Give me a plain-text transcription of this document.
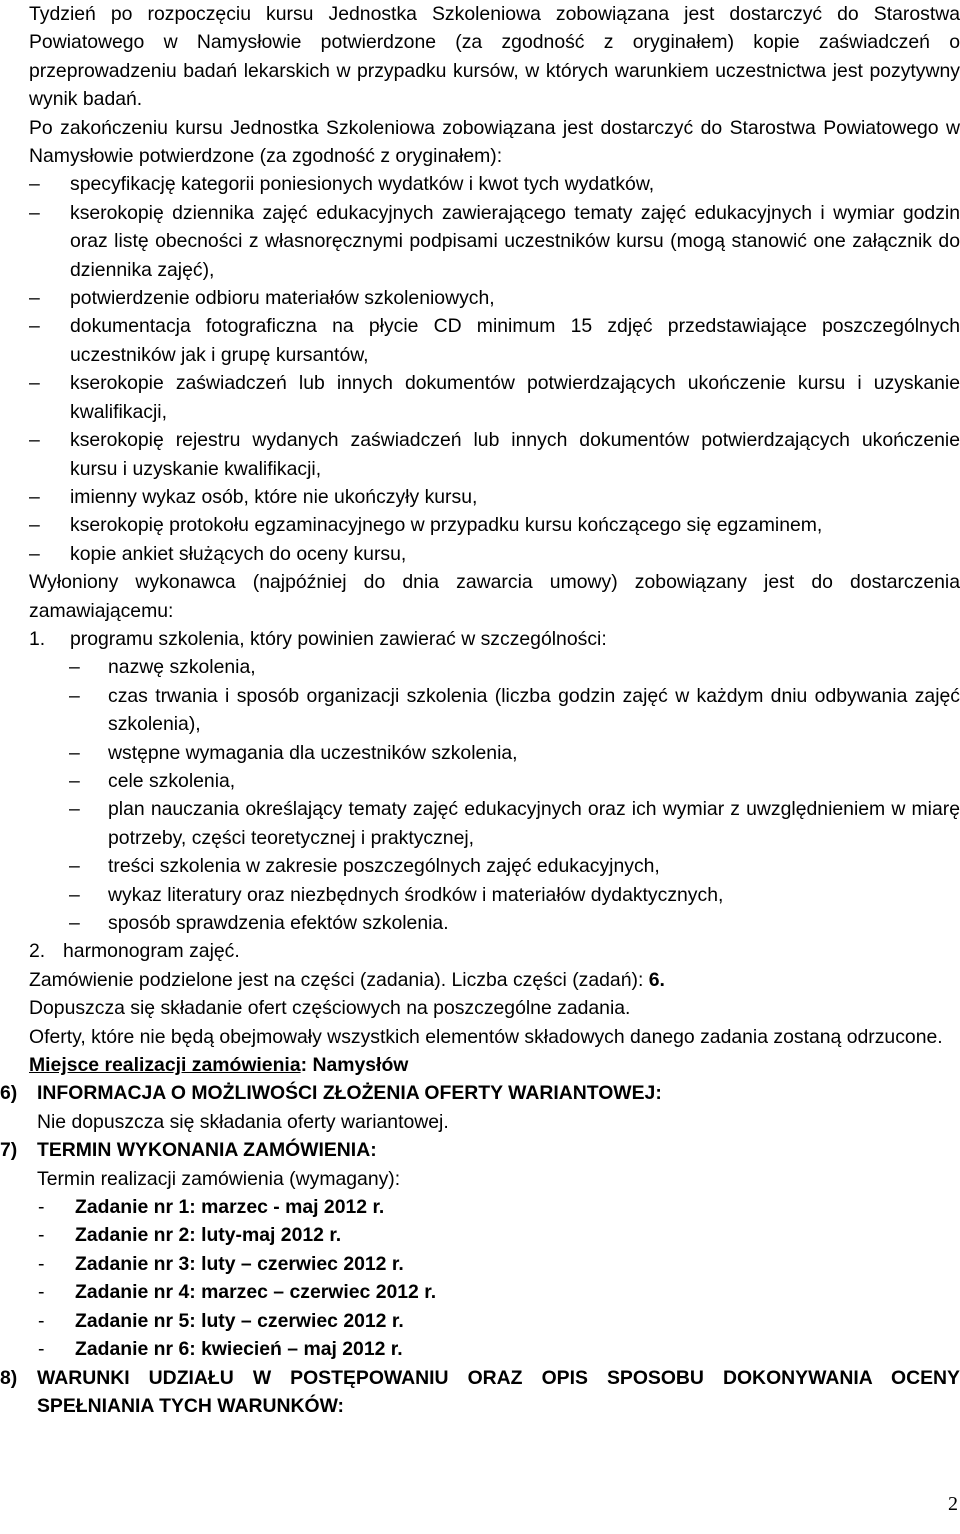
Tydzień po rozpoczęciu kursu Jednostka Szkoleniowa zobowiązana jest dostarczyć do Starostwa Powiatowego w Namysłowie potwierdzone (za zgodność z oryginałem) kopie zaświadczeń o przeprowadzeniu badań lekarskich w przypadku kursów, w których warunkiem uczestnictwa jest pozytywny wynik badań.

Po zakończeniu kursu Jednostka Szkoleniowa zobowiązana jest dostarczyć do Starostwa Powiatowego w Namysłowie potwierdzone (za zgodność z oryginałem):

– specyfikację kategorii poniesionych wydatków i kwot tych wydatków,
– kserokopię dziennika zajęć edukacyjnych zawierającego tematy zajęć edukacyjnych i wymiar godzin oraz listę obecności z własnoręcznymi podpisami uczestników kursu (mogą stanowić one załącznik do dziennika zajęć),
– potwierdzenie odbioru materiałów szkoleniowych,
– dokumentacja fotograficzna na płycie CD minimum 15 zdjęć przedstawiające poszczególnych uczestników jak i grupę kursantów,
– kserokopie zaświadczeń lub innych dokumentów potwierdzających ukończenie kursu i uzyskanie kwalifikacji,
– kserokopię rejestru wydanych zaświadczeń lub innych dokumentów potwierdzających ukończenie kursu i uzyskanie kwalifikacji,
– imienny wykaz osób, które nie ukończyły kursu,
– kserokopię protokołu egzaminacyjnego w przypadku kursu kończącego się egzaminem,
– kopie ankiet służących do oceny kursu,

Wyłoniony wykonawca (najpóźniej do dnia zawarcia umowy) zobowiązany jest do dostarczenia zamawiającemu:

1. programu szkolenia, który powinien zawierać w szczególności:
– nazwę szkolenia,
– czas trwania i sposób organizacji szkolenia (liczba godzin zajęć w każdym dniu odbywania zajęć szkolenia),
– wstępne wymagania dla uczestników szkolenia,
– cele szkolenia,
– plan nauczania określający tematy zajęć edukacyjnych oraz ich wymiar z uwzględnieniem w miarę potrzeby, części teoretycznej i praktycznej,
– treści szkolenia w zakresie poszczególnych zajęć edukacyjnych,
– wykaz literatury oraz niezbędnych środków i materiałów dydaktycznych,
– sposób sprawdzenia efektów szkolenia.
2. harmonogram zajęć.

Zamówienie podzielone jest na części (zadania). Liczba części (zadań): 6.

Dopuszcza się składanie ofert częściowych na poszczególne zadania.

Oferty, które nie będą obejmowały wszystkich elementów składowych danego zadania zostaną odrzucone.

Miejsce realizacji zamówienia: Namysłów

6) INFORMACJA O MOŻLIWOŚCI ZŁOŻENIA OFERTY WARIANTOWEJ:
Nie dopuszcza się składania oferty wariantowej.
7) TERMIN WYKONANIA ZAMÓWIENIA:
Termin realizacji zamówienia (wymagany):
- Zadanie nr 1: marzec - maj 2012 r.
- Zadanie nr 2: luty-maj 2012 r.
- Zadanie nr 3: luty – czerwiec 2012 r.
- Zadanie nr 4: marzec – czerwiec 2012 r.
- Zadanie nr 5: luty – czerwiec 2012 r.
- Zadanie nr 6: kwiecień – maj 2012 r.
8) WARUNKI UDZIAŁU W POSTĘPOWANIU ORAZ OPIS SPOSOBU DOKONYWANIA OCENY SPEŁNIANIA TYCH WARUNKÓW:
2
